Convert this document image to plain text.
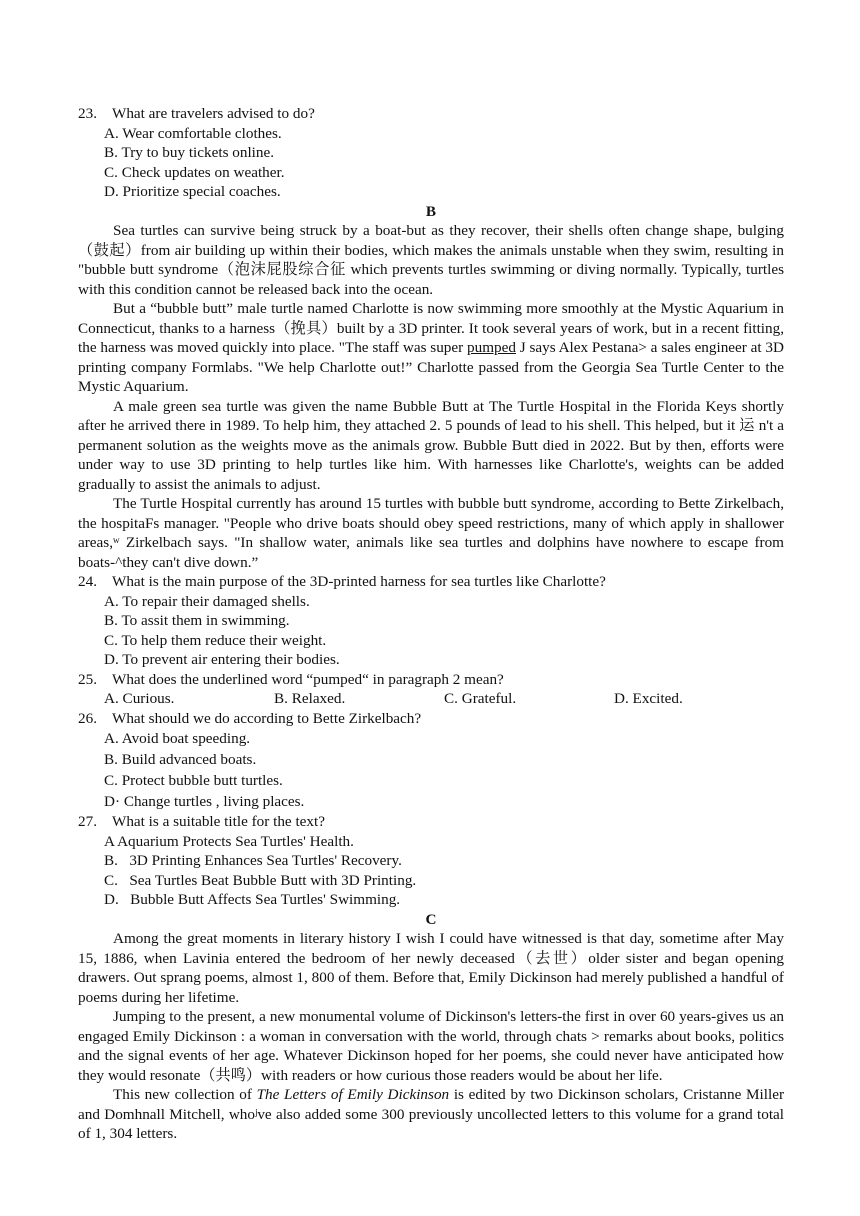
23. What are travelers advised to do?
A. Wear comfortable clothes.
B. Try to buy tickets online.
C. Check updates on weather.
D. Prioritize special coaches.
B

Sea turtles can survive being struck by a boat-but as they recover, their shells often change shape, bulging （鼓起）from air building up within their bodies, which makes the animals unstable when they swim, resulting in "bubble butt syndrome（泡沫屁股综合征 which prevents turtles swimming or diving normally. Typically, turtles with this condition cannot be released back into the ocean.

But a “bubble butt” male turtle named Charlotte is now swimming more smoothly at the Mystic Aquarium in Connecticut, thanks to a harness（挽具）built by a 3D printer. It took several years of work, but in a recent fitting, the harness was moved quickly into place. "The staff was super pumped J says Alex Pestana> a sales engineer at 3D printing company Formlabs. "We help Charlotte out!” Charlotte passed from the Georgia Sea Turtle Center to the Mystic Aquarium.

A male green sea turtle was given the name Bubble Butt at The Turtle Hospital in the Florida Keys shortly after he arrived there in 1989. To help him, they attached 2. 5 pounds of lead to his shell. This helped, but it 运 n't a permanent solution as the weights move as the animals grow. Bubble Butt died in 2022. But by then, efforts were under way to use 3D printing to help turtles like him. With harnesses like Charlotte's, weights can be added gradually to assist the animals to adjust.

The Turtle Hospital currently has around 15 turtles with bubble butt syndrome, according to Bette Zirkelbach, the hospitaFs manager. "People who drive boats should obey speed restrictions, many of which apply in shallower areas,ʷ Zirkelbach says. "In shallow water, animals like sea turtles and dolphins have nowhere to escape from boats-^they can't dive down.”

24. What is the main purpose of the 3D-printed harness for sea turtles like Charlotte?
A. To repair their damaged shells.
B. To assit them in swimming.
C. To help them reduce their weight.
D. To prevent air entering their bodies.
25. What does the underlined word “pumped“ in paragraph 2 mean?
A. Curious.	B. Relaxed.	C. Grateful.	D. Excited.
26. What should we do according to Bette Zirkelbach?
A. Avoid boat speeding.
B. Build advanced boats.
C. Protect bubble butt turtles.
D· Change turtles , living places.
27. What is a suitable title for the text?
A Aquarium Protects Sea Turtles' Health.
B.   3D Printing Enhances Sea Turtles' Recovery.
C.   Sea Turtles Beat Bubble Butt with 3D Printing.
D.   Bubble Butt Affects Sea Turtles' Swimming.
C

Among the great moments in literary history I wish I could have witnessed is that day, sometime after May 15, 1886, when Lavinia entered the bedroom of her newly deceased（去世）older sister and began opening drawers. Out sprang poems, almost 1, 800 of them. Before that, Emily Dickinson had merely published a handful of poems during her lifetime.

Jumping to the present, a new monumental volume of Dickinson's letters-the first in over 60 years-gives us an engaged Emily Dickinson : a woman in conversation with the world, through chats > remarks about books, politics and the signal events of her age. Whatever Dickinson hoped for her poems, she could never have anticipated how they would resonate（共鸣）with readers or how curious those readers would be about her life.

This new collection of The Letters of Emily Dickinson is edited by two Dickinson scholars, Cristanne Miller and Domhnall Mitchell, whoʲve also added some 300 previously uncollected letters to this volume for a grand total of 1, 304 letters.
